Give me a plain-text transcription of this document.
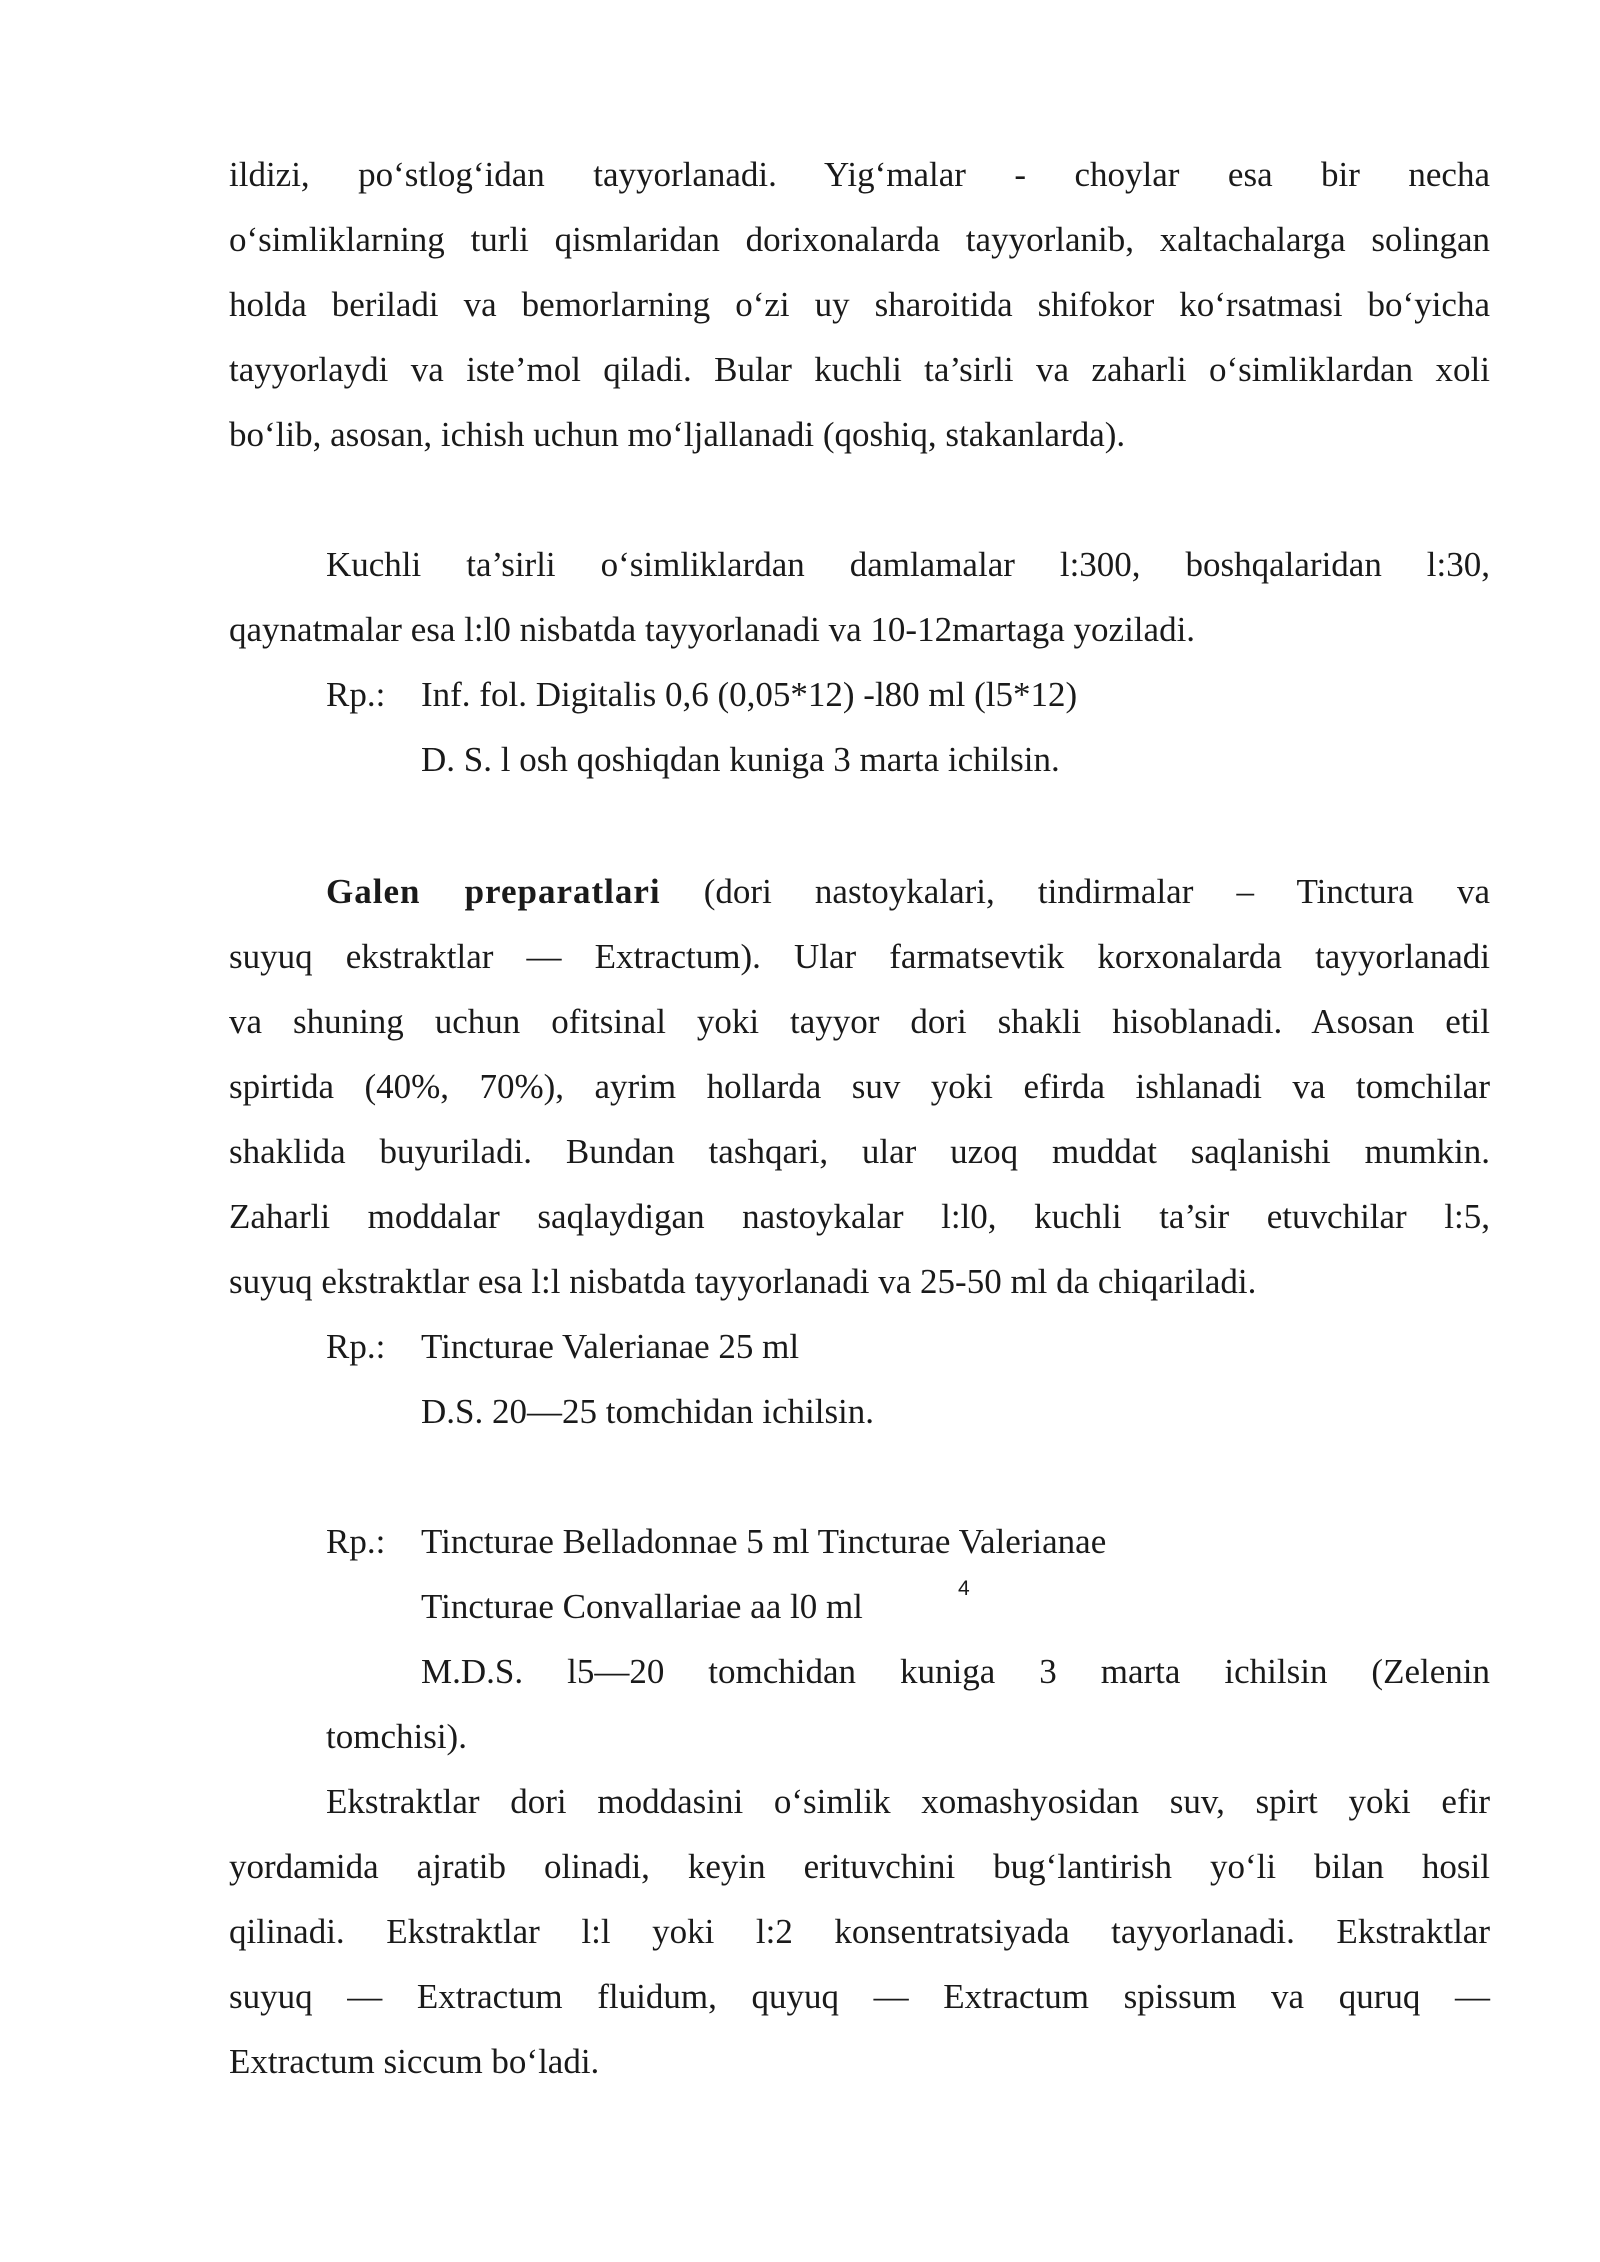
ildizi, po‘stlog‘idan tayyorlanadi. Yig‘malar - choylar esa bir necha
o‘simliklarning turli qismlaridan dorixonalarda tayyorlanib, xaltachalarga solingan
holda beriladi va bemorlarning o‘zi uy sharoitida shifokor ko‘rsatmasi bo‘yicha
tayyorlaydi va iste’mol qiladi. Bular kuchli ta’sirli va zaharli o‘simliklardan xoli
bo‘lib, asosan, ichish uchun mo‘ljallanadi (qoshiq, stakanlarda).
Kuchli ta’sirli o‘simliklardan damlamalar l:300, boshqalaridan l:30,
qaynatmalar esa l:l0 nisbatda tayyorlanadi va 10-12martaga yoziladi.
Rp.: Inf. fol. Digitalis 0,6 (0,05*12) -l80 ml (l5*12)
D. S. l osh qoshiqdan kuniga 3 marta ichilsin.
Galen preparatlari (dori nastoykalari, tindirmalar – Tinctura va
suyuq ekstraktlar — Extractum). Ular farmatsevtik korxonalarda tayyorlanadi
va shuning uchun ofitsinal yoki tayyor dori shakli hisoblanadi. Asosan etil
spirtida (40%, 70%), ayrim hollarda suv yoki efirda ishlanadi va tomchilar
shaklida buyuriladi. Bundan tashqari, ular uzoq muddat saqlanishi mumkin.
Zaharli moddalar saqlaydigan nastoykalar l:l0, kuchli ta’sir etuvchilar l:5,
suyuq ekstraktlar esa l:l nisbatda tayyorlanadi va 25-50 ml da chiqariladi.
Rp.: Tincturae Valerianae 25 ml
D.S. 20—25 tomchidan ichilsin.
Rp.: Tincturae Belladonnae 5 ml Tincturae Valerianae
Tincturae Convallariae aa l0 ml	4
M.D.S. l5—20 tomchidan kuniga 3 marta ichilsin (Zelenin
tomchisi).
Ekstraktlar dori moddasini o‘simlik xomashyosidan suv, spirt yoki efir
yordamida ajratib olinadi, keyin erituvchini bug‘lantirish yo‘li bilan hosil
qilinadi. Ekstraktlar l:l yoki l:2 konsentratsiyada tayyorlanadi. Ekstraktlar
suyuq — Extractum fluidum, quyuq — Extractum spissum va quruq —
Extractum siccum bo‘ladi.
